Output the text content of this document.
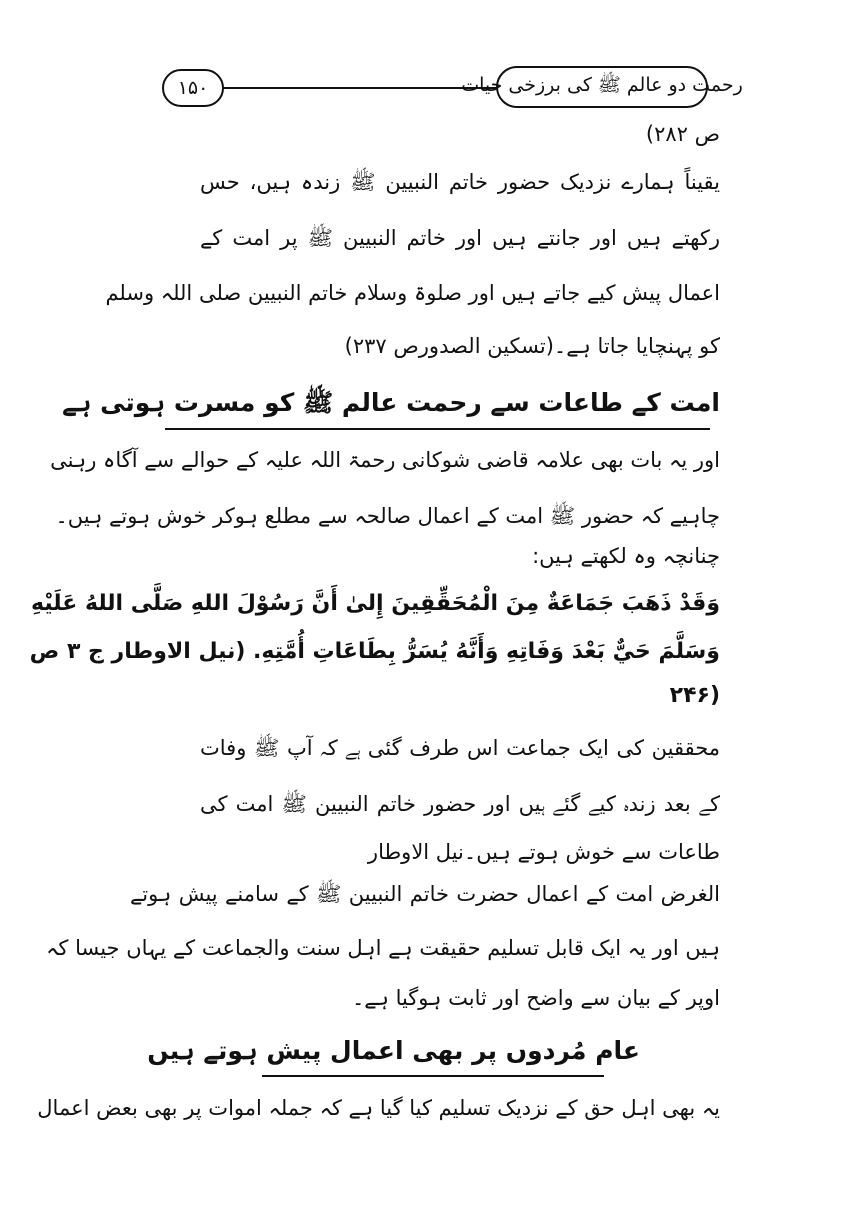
۱۵۰	رحمت دو عالم ﷺ کی برزخی حیات
ص ۲۸۲)
یقیناً ہمارے نزدیک حضور خاتم النبیین ﷺ زندہ ہیں، حس
رکھتے ہیں اور جانتے ہیں اور خاتم النبیین ﷺ پر امت کے
اعمال پیش کیے جاتے ہیں اور صلوۃ وسلام خاتم النبیین صلی اللہ وسلم
کو پہنچایا جاتا ہے۔(تسکین الصدورص ۲۳۷)
امت کے طاعات سے رحمت عالم ﷺ کو مسرت ہوتی ہے
اور یہ بات بھی علامہ قاضی شوکانی رحمۃ اللہ علیہ کے حوالے سے آگاہ رہنی
چاہیے کہ حضور ﷺ امت کے اعمال صالحہ سے مطلع ہوکر خوش ہوتے ہیں۔
چنانچہ وہ لکھتے ہیں:
وَقَدْ ذَهَبَ جَمَاعَةٌ مِنَ الْمُحَقِّقِينَ إِلىٰ أَنَّ رَسُوْلَ اللهِ صَلَّى اللهُ عَلَيْهِ
وَسَلَّمَ حَيٌّ بَعْدَ وَفَاتِهِ وَأَنَّهُ يُسَرُّ بِطَاعَاتِ أُمَّتِهِ. (نيل الاوطار ج ۳ ص
۲۴۶)
محققین کی ایک جماعت اس طرف گئی ہے کہ آپ ﷺ وفات
کے بعد زندہ کیے گئے ہیں اور حضور خاتم النبیین ﷺ امت کی
طاعات سے خوش ہوتے ہیں۔نیل الاوطار
الغرض امت کے اعمال حضرت خاتم النبیین ﷺ کے سامنے پیش ہوتے
ہیں اور یہ ایک قابل تسلیم حقیقت ہے اہل سنت والجماعت کے یہاں جیسا کہ
اوپر کے بیان سے واضح اور ثابت ہوگیا ہے۔
عام مُردوں پر بھی اعمال پیش ہوتے ہیں
یہ بھی اہل حق کے نزدیک تسلیم کیا گیا ہے کہ جملہ اموات پر بھی بعض اعمال
